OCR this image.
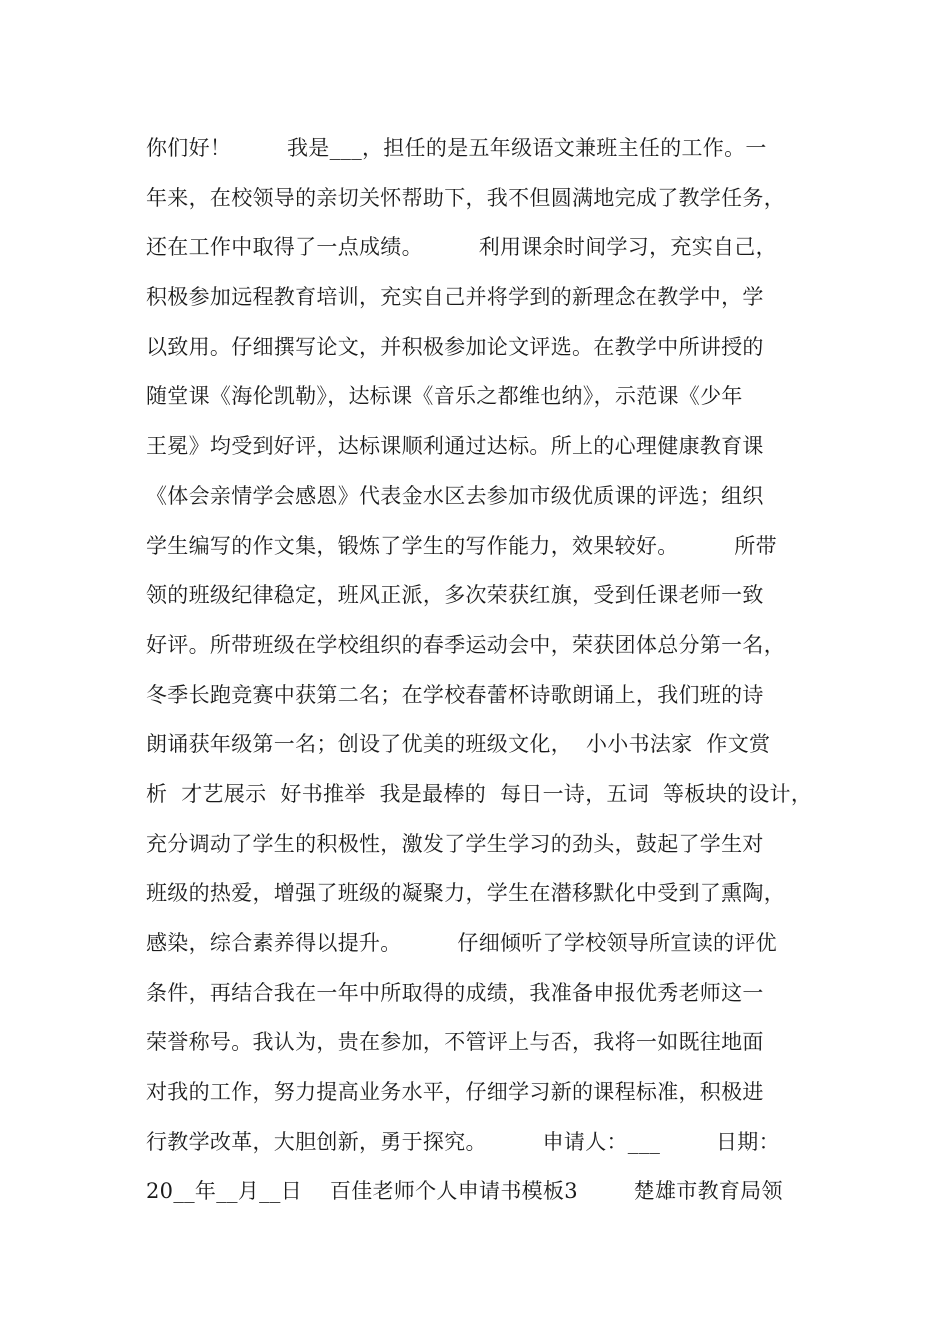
你们好！        我是___，担任的是五年级语文兼班主任的工作。一
年来，在校领导的亲切关怀帮助下，我不但圆满地完成了教学任务，
还在工作中取得了一点成绩。        利用课余时间学习，充实自己，
积极参加远程教育培训，充实自己并将学到的新理念在教学中，学
以致用。仔细撰写论文，并积极参加论文评选。在教学中所讲授的
随堂课《海伦凯勒》，达标课《音乐之都维也纳》，示范课《少年
王冕》均受到好评，达标课顺利通过达标。所上的心理健康教育课
《体会亲情学会感恩》代表金水区去参加市级优质课的评选；组织
学生编写的作文集，锻炼了学生的写作能力，效果较好。        所带
领的班级纪律稳定，班风正派，多次荣获红旗，受到任课老师一致
好评。所带班级在学校组织的春季运动会中，荣获团体总分第一名，
冬季长跑竞赛中获第二名；在学校春蕾杯诗歌朗诵上，我们班的诗
朗诵获年级第一名；创设了优美的班级文化，  小小书法家  作文赏
析  才艺展示  好书推举  我是最棒的  每日一诗，五词  等板块的设计，
充分调动了学生的积极性，激发了学生学习的劲头，鼓起了学生对
班级的热爱，增强了班级的凝聚力，学生在潜移默化中受到了熏陶，
感染，综合素养得以提升。        仔细倾听了学校领导所宣读的评优
条件，再结合我在一年中所取得的成绩，我准备申报优秀老师这一
荣誉称号。我认为，贵在参加，不管评上与否，我将一如既往地面
对我的工作，努力提高业务水平，仔细学习新的课程标准，积极进
行教学改革，大胆创新，勇于探究。        申请人：___        日期：
20__年__月__日    百佳老师个人申请书模板3        楚雄市教育局领
